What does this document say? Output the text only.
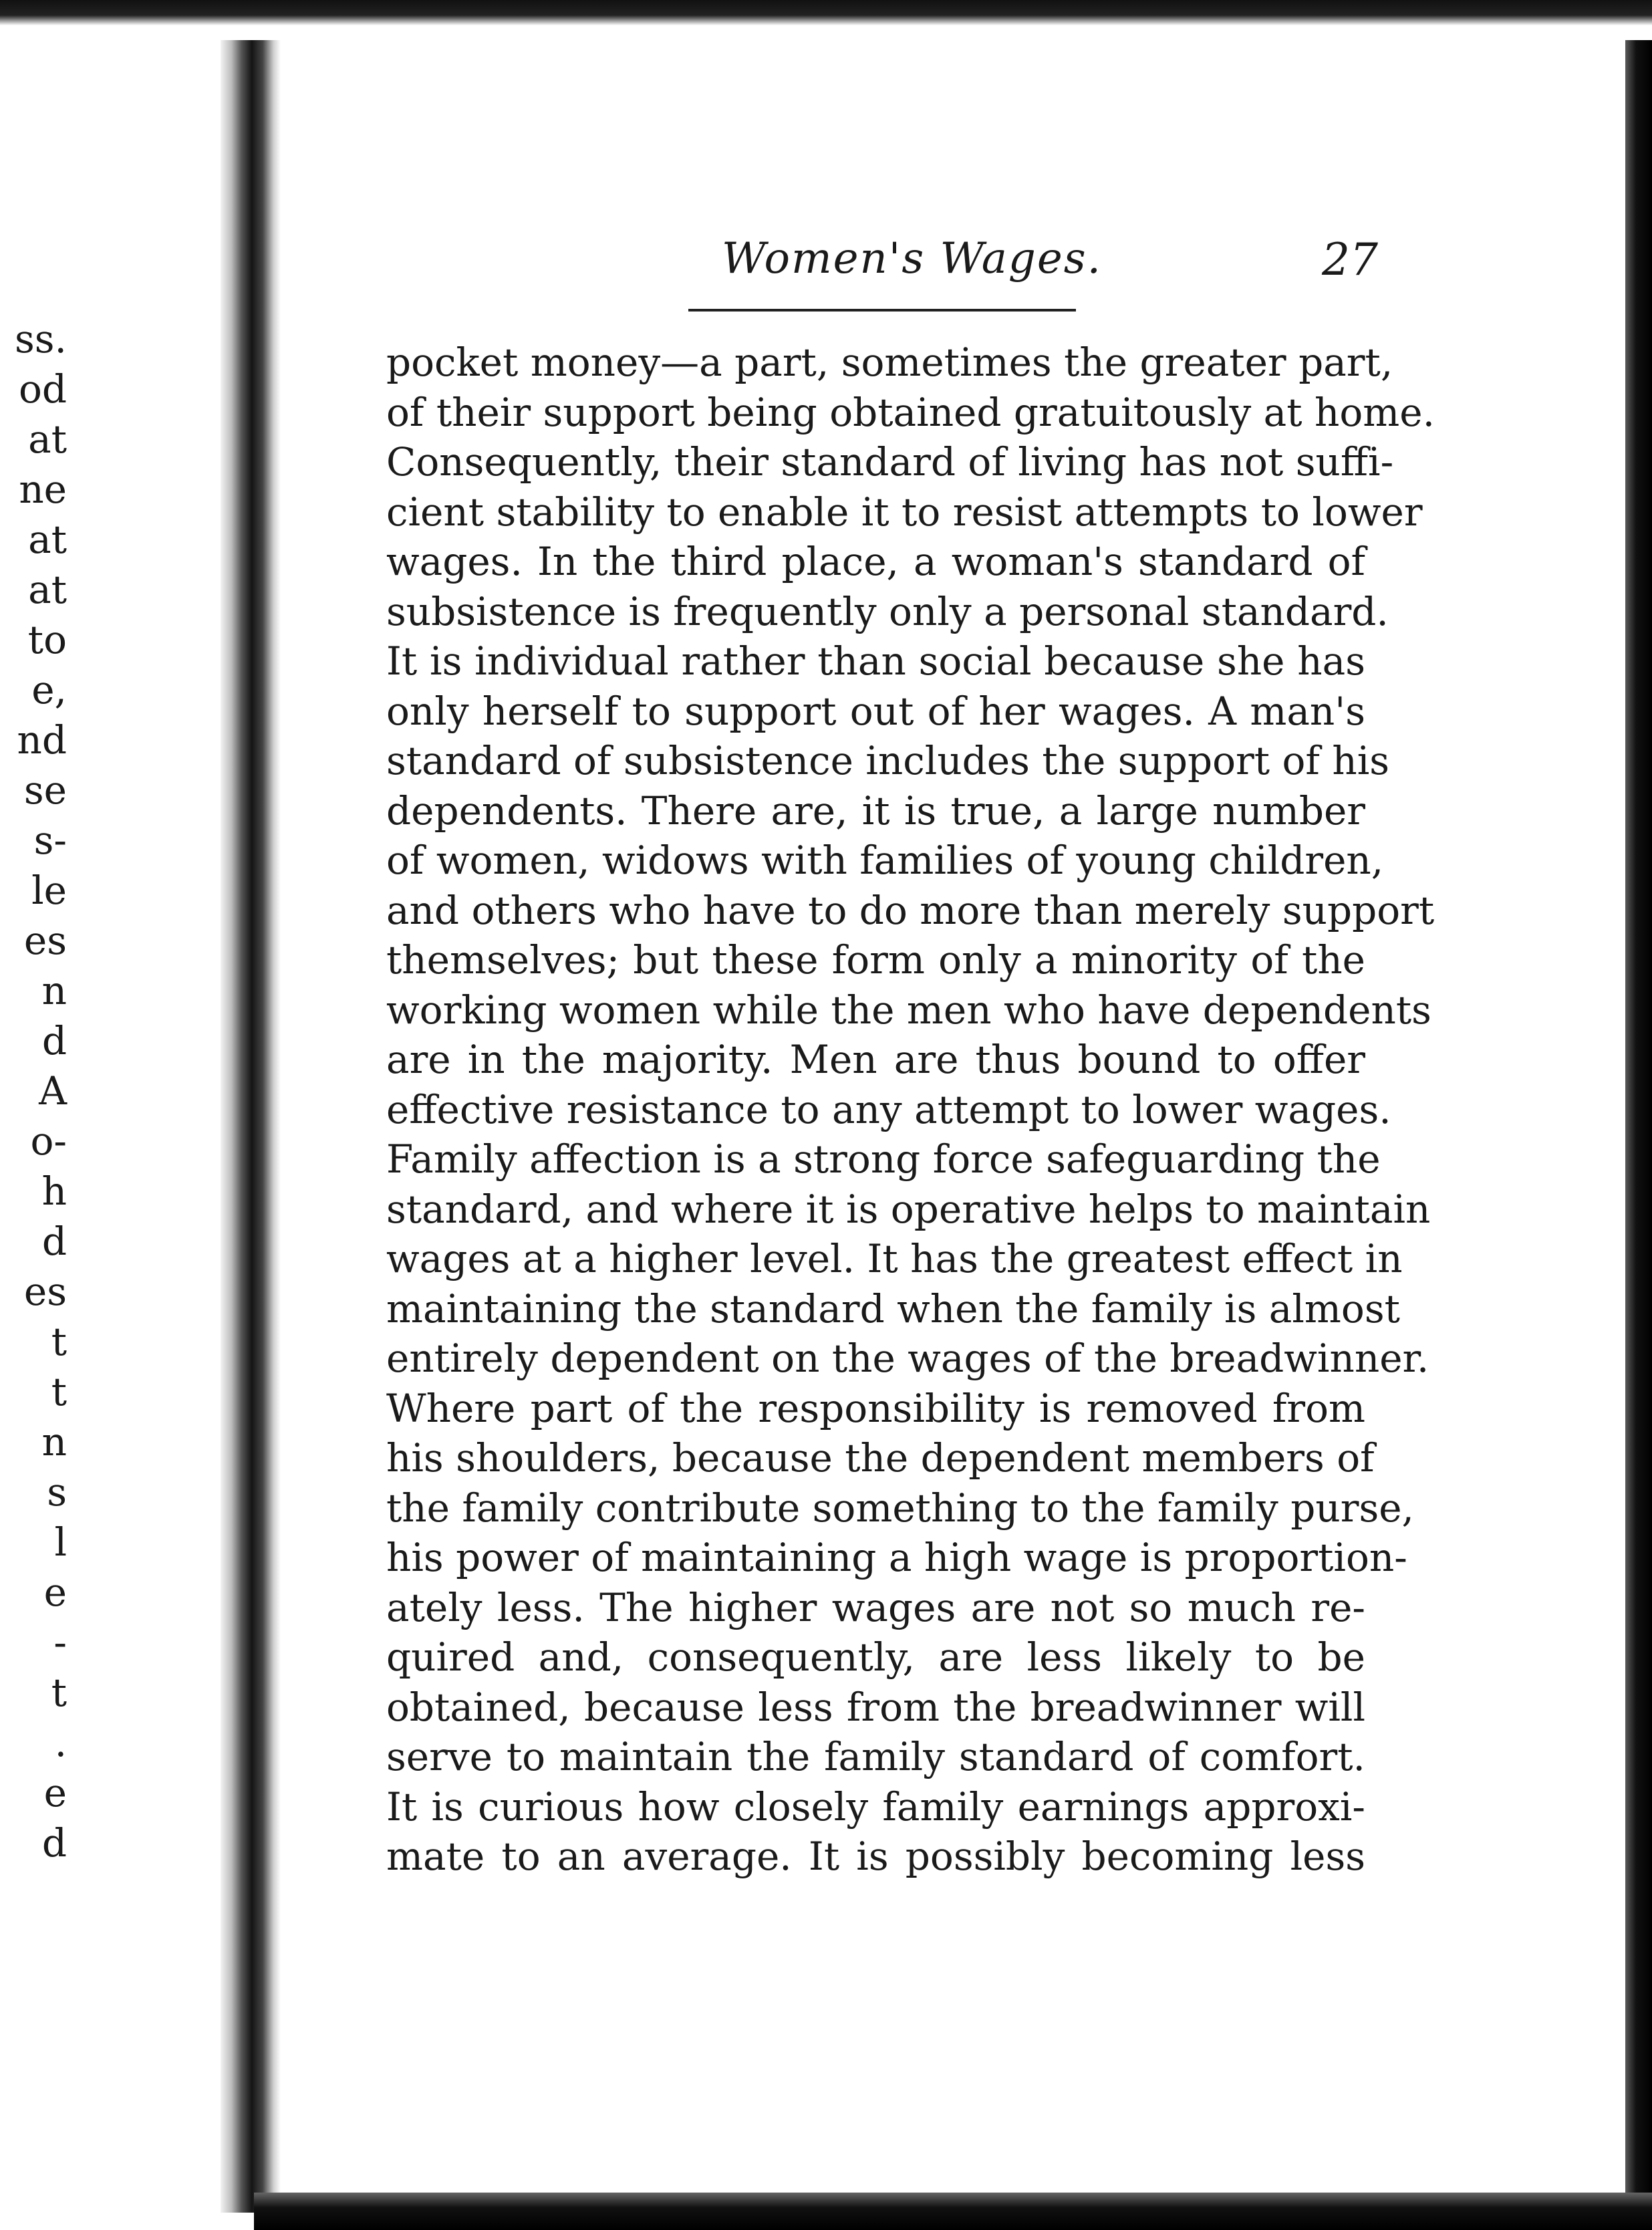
ss.
od
at
ne
at
at
to
e,
nd
se
s-
le
es
n
d
A
o-
h
d
es
t
t
n
s
l
e
-
t
.
e
d
Women's Wages.	27
pocket money—a part, sometimes the greater part,
of their support being obtained gratuitously at home.
Consequently, their standard of living has not suffi-
cient stability to enable it to resist attempts to lower
wages. In the third place, a woman's standard of
subsistence is frequently only a personal standard.
It is individual rather than social because she has
only herself to support out of her wages. A man's
standard of subsistence includes the support of his
dependents. There are, it is true, a large number
of women, widows with families of young children,
and others who have to do more than merely support
themselves; but these form only a minority of the
working women while the men who have dependents
are in the majority. Men are thus bound to offer
effective resistance to any attempt to lower wages.
Family affection is a strong force safeguarding the
standard, and where it is operative helps to maintain
wages at a higher level. It has the greatest effect in
maintaining the standard when the family is almost
entirely dependent on the wages of the breadwinner.
Where part of the responsibility is removed from
his shoulders, because the dependent members of
the family contribute something to the family purse,
his power of maintaining a high wage is proportion-
ately less. The higher wages are not so much re-
quired and, consequently, are less likely to be
obtained, because less from the breadwinner will
serve to maintain the family standard of comfort.
It is curious how closely family earnings approxi-
mate to an average. It is possibly becoming less
